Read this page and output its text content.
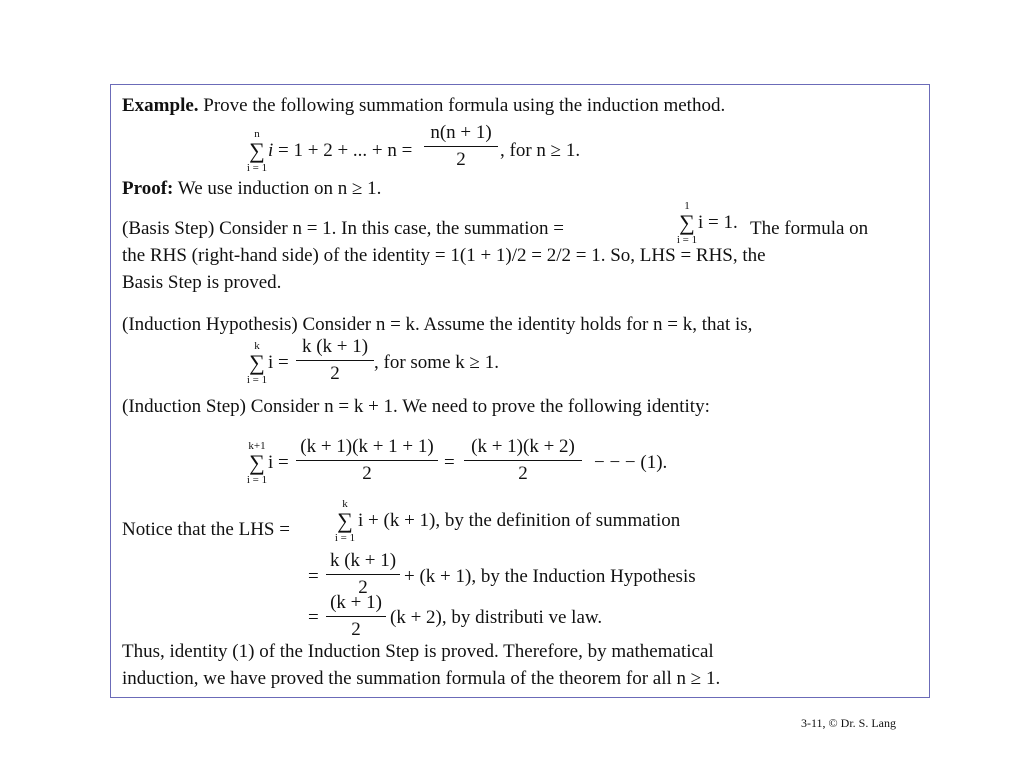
Example. Prove the following summation formula using the induction method.
n
∑
i = 1
i = 1 + 2 + ... + n =
n(n + 1)
2	, for n ≥ 1.
Proof: We use induction on n ≥ 1.
(Basis Step) Consider n = 1. In this case, the summation =
1
∑
i = 1
i = 1. The formula on
the RHS (right-hand side) of the identity = 1(1 + 1)/2 = 2/2 = 1. So, LHS = RHS, the
Basis Step is proved.
(Induction Hypothesis) Consider n = k. Assume the identity holds for n = k, that is,
k
∑
i = 1
i =
k (k + 1)
2
, for some k ≥ 1.
(Induction Step) Consider n = k + 1. We need to prove the following identity:
k+1
∑
i = 1
i =
(k + 1)(k + 1 + 1)
2
=
(k + 1)(k + 2)
2
− − − (1).
Notice that the LHS =
k
∑
i = 1
i + (k + 1), by the definition of summation
=
k (k + 1)
2
+ (k + 1), by the Induction Hypothesis
=
(k + 1)
2
(k + 2), by distributi ve law.
Thus, identity (1) of the Induction Step is proved. Therefore, by mathematical
induction, we have proved the summation formula of the theorem for all n ≥ 1.
3-11, © Dr. S. Lang
